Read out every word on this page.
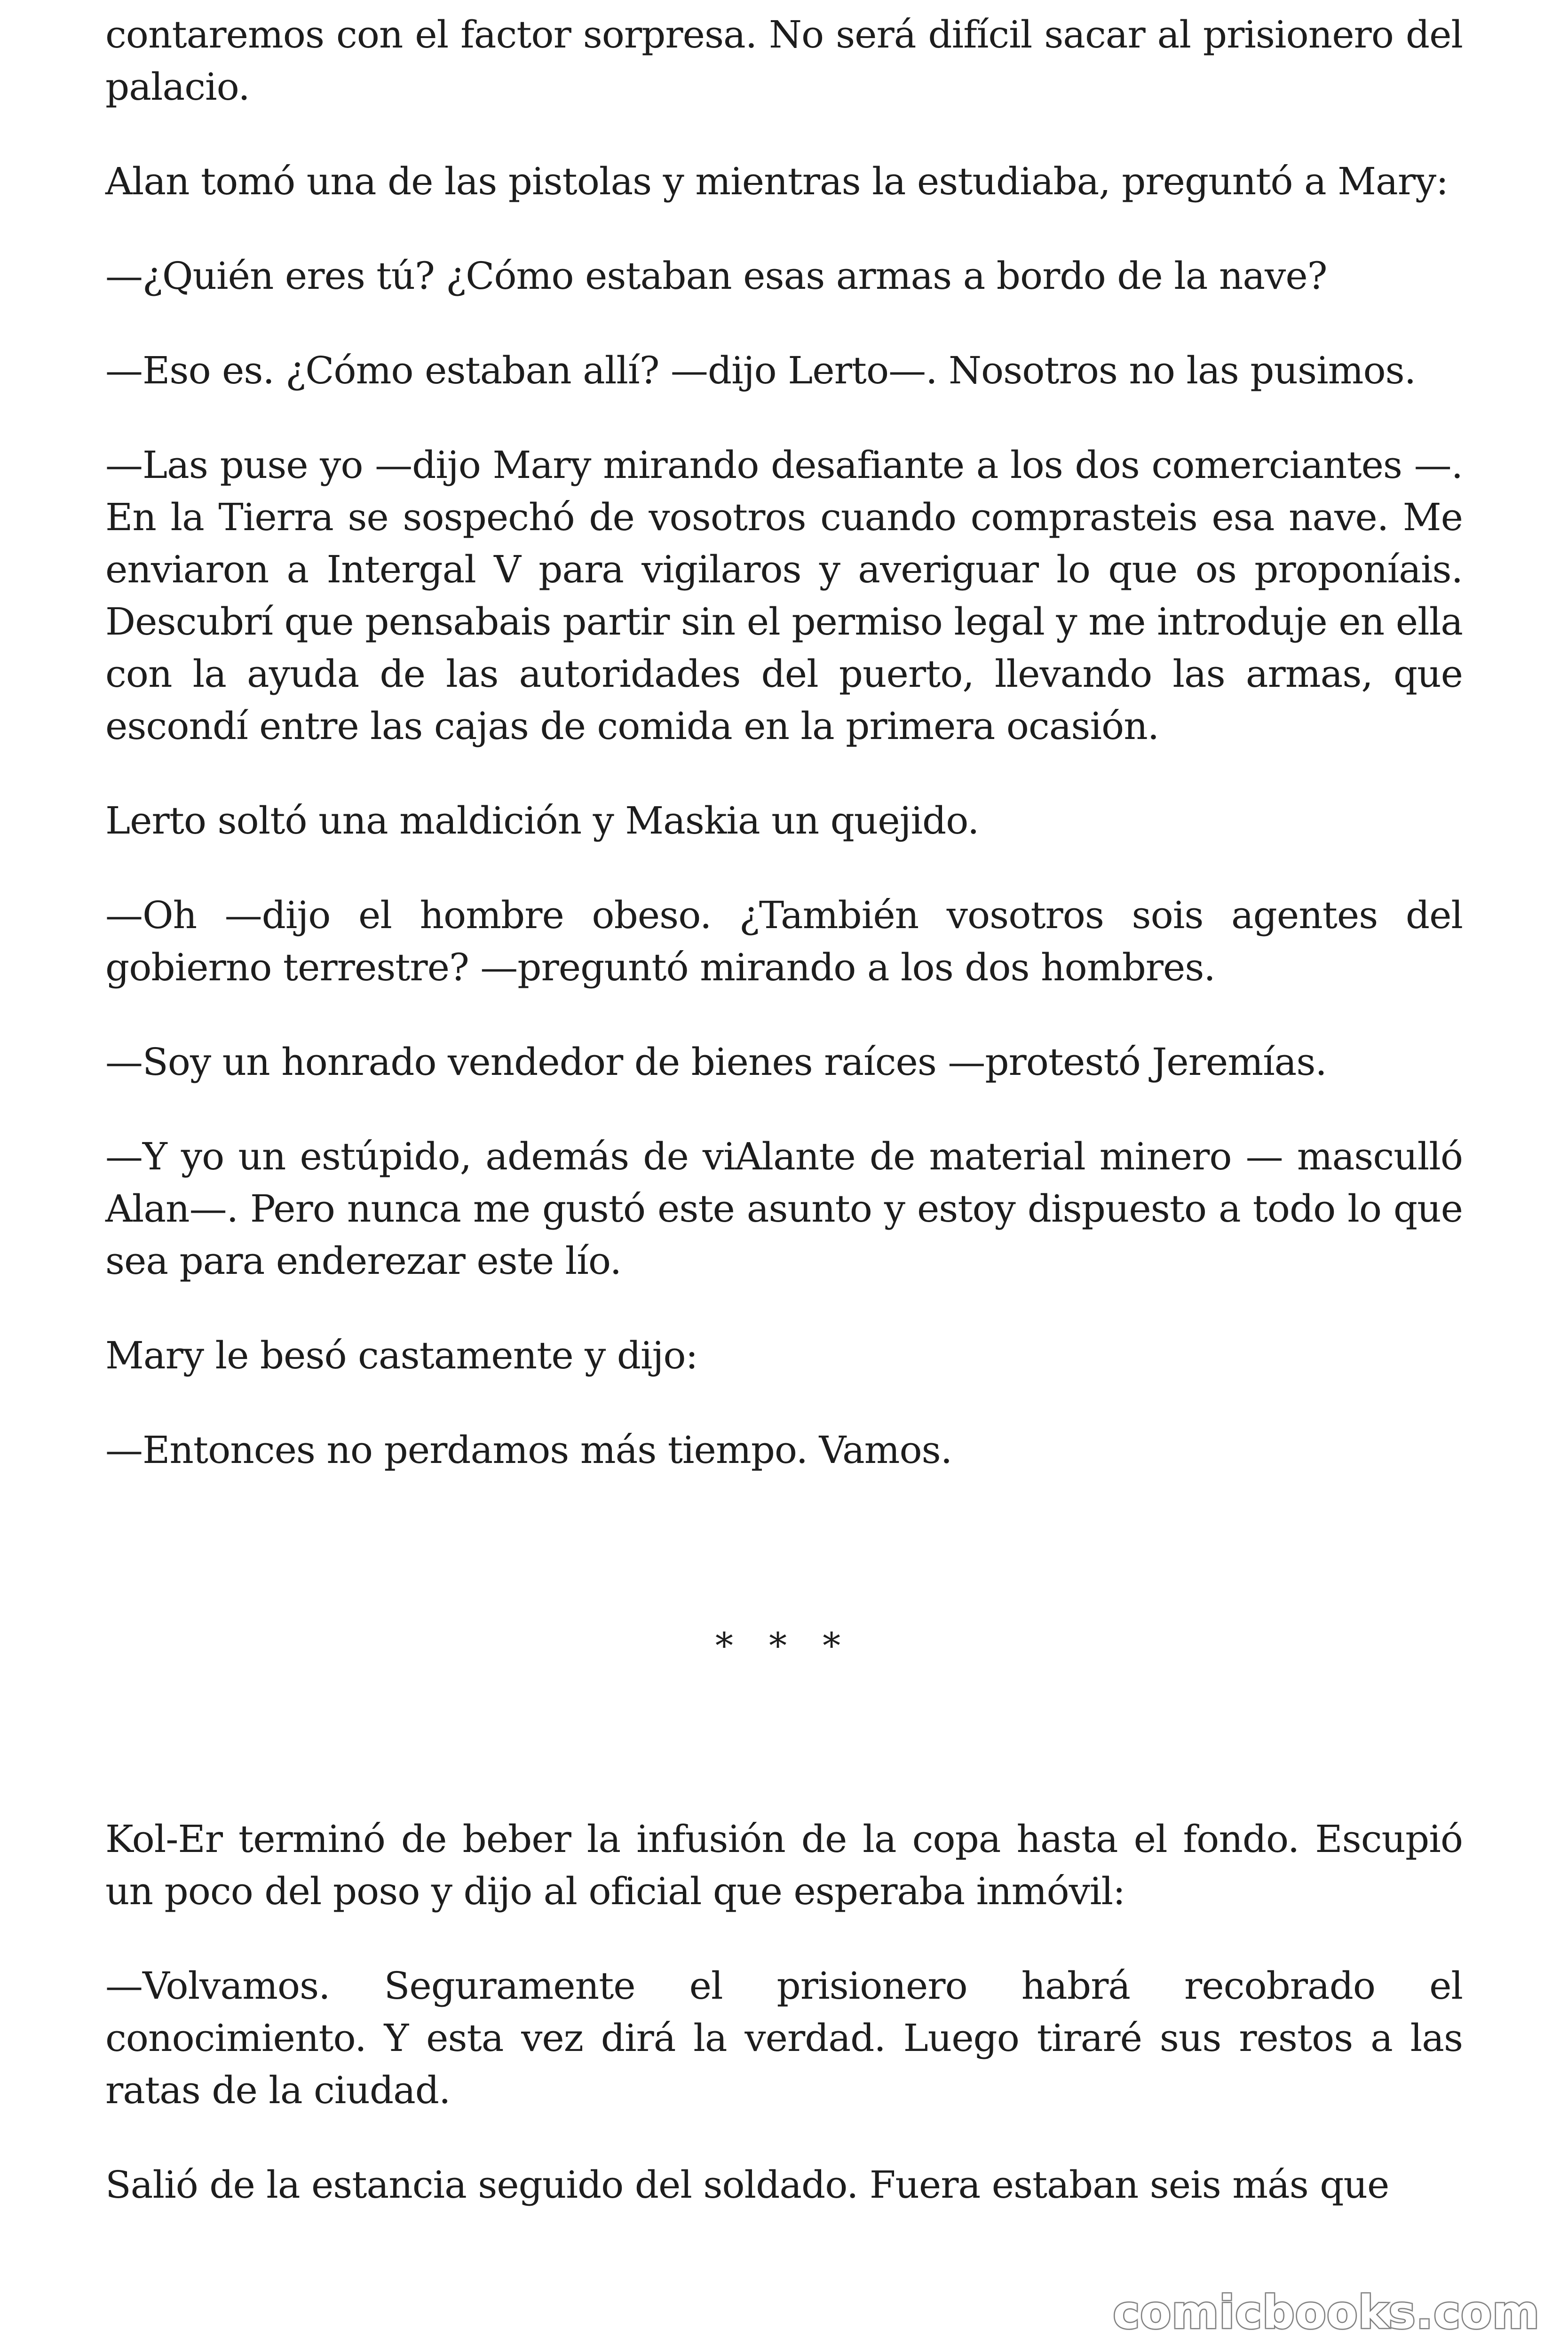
contaremos con el factor sorpresa. No será difícil sacar al prisionero del palacio.

Alan tomó una de las pistolas y mientras la estudiaba, preguntó a Mary:

—¿Quién eres tú? ¿Cómo estaban esas armas a bordo de la nave?

—Eso es. ¿Cómo estaban allí? —dijo Lerto—. Nosotros no las pusimos.

—Las puse yo —dijo Mary mirando desafiante a los dos comerciantes —. En la Tierra se sospechó de vosotros cuando comprasteis esa nave. Me enviaron a Intergal V para vigilaros y averiguar lo que os proponíais. Descubrí que pensabais partir sin el permiso legal y me introduje en ella con la ayuda de las autoridades del puerto, llevando las armas, que escondí entre las cajas de comida en la primera ocasión.

Lerto soltó una maldición y Maskia un quejido.

—Oh —dijo el hombre obeso. ¿También vosotros sois agentes del gobierno terrestre? —preguntó mirando a los dos hombres.

—Soy un honrado vendedor de bienes raíces —protestó Jeremías.

—Y yo un estúpido, además de viAlante de material minero — mascull​ó Alan—. Pero nunca me gustó este asunto y estoy dispuesto a todo lo que sea para enderezar este lío.

Mary le besó castamente y dijo:

—Entonces no perdamos más tiempo. Vamos.

* * *

Kol-Er terminó de beber la infusión de la copa hasta el fondo. Escupió un poco del poso y dijo al oficial que esperaba inmóvil:

—Volvamos. Seguramente el prisionero habrá recobrado el conocimiento. Y esta vez dirá la verdad. Luego tiraré sus restos a las ratas de la ciudad.

Salió de la estancia seguido del soldado. Fuera estaban seis más que

comicbooks.com
